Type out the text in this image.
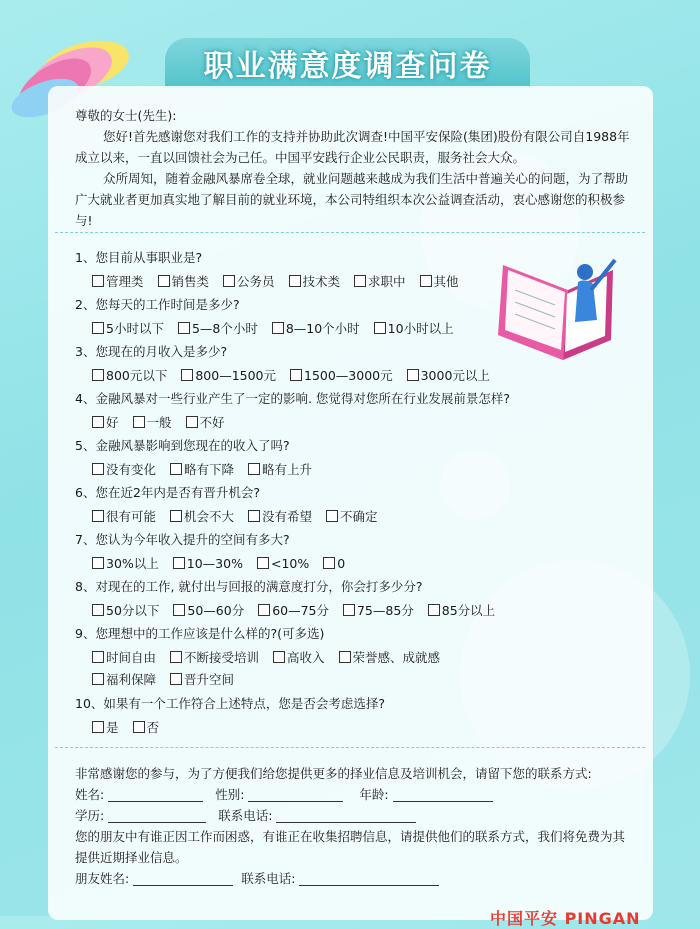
职业满意度调查问卷

尊敬的女士(先生):

您好!首先感谢您对我们工作的支持并协助此次调查!中国平安保险(集团)股份有限公司自1988年成立以来，一直以回馈社会为己任。中国平安践行企业公民职责，服务社会大众。

众所周知，随着金融风暴席卷全球，就业问题越来越成为我们生活中普遍关心的问题，为了帮助广大就业者更加真实地了解目前的就业环境，本公司特组织本次公益调查活动，衷心感谢您的积极参与!

1、您目前从事职业是?
管理类 销售类 公务员 技术类 求职中 其他
2、您每天的工作时间是多少?
5小时以下 5—8个小时 8—10个小时 10小时以上
3、您现在的月收入是多少?
800元以下 800—1500元 1500—3000元 3000元以上
4、金融风暴对一些行业产生了一定的影响. 您觉得对您所在行业发展前景怎样?
好 一般 不好
5、金融风暴影响到您现在的收入了吗?
没有变化 略有下降 略有上升
6、您在近2年内是否有晋升机会?
很有可能 机会不大 没有希望 不确定
7、您认为今年收入提升的空间有多大?
30%以上 10—30% <10% 0
8、对现在的工作, 就付出与回报的满意度打分，你会打多少分?
50分以下 50—60分 60—75分 75—85分 85分以上
9、您理想中的工作应该是什么样的?(可多选)
时间自由 不断接受培训 高收入 荣誉感、成就感
福利保障 晋升空间
10、如果有一个工作符合上述特点，您是否会考虑选择?
是 否

非常感谢您的参与，为了方便我们给您提供更多的择业信息及培训机会，请留下您的联系方式:

姓名:	性别:	年龄:

学历:	联系电话:

您的朋友中有谁正因工作而困惑，有谁正在收集招聘信息，请提供他们的联系方式，我们将免费为其提供近期择业信息。

朋友姓名:	联系电话:

中国平安 PINGAN
